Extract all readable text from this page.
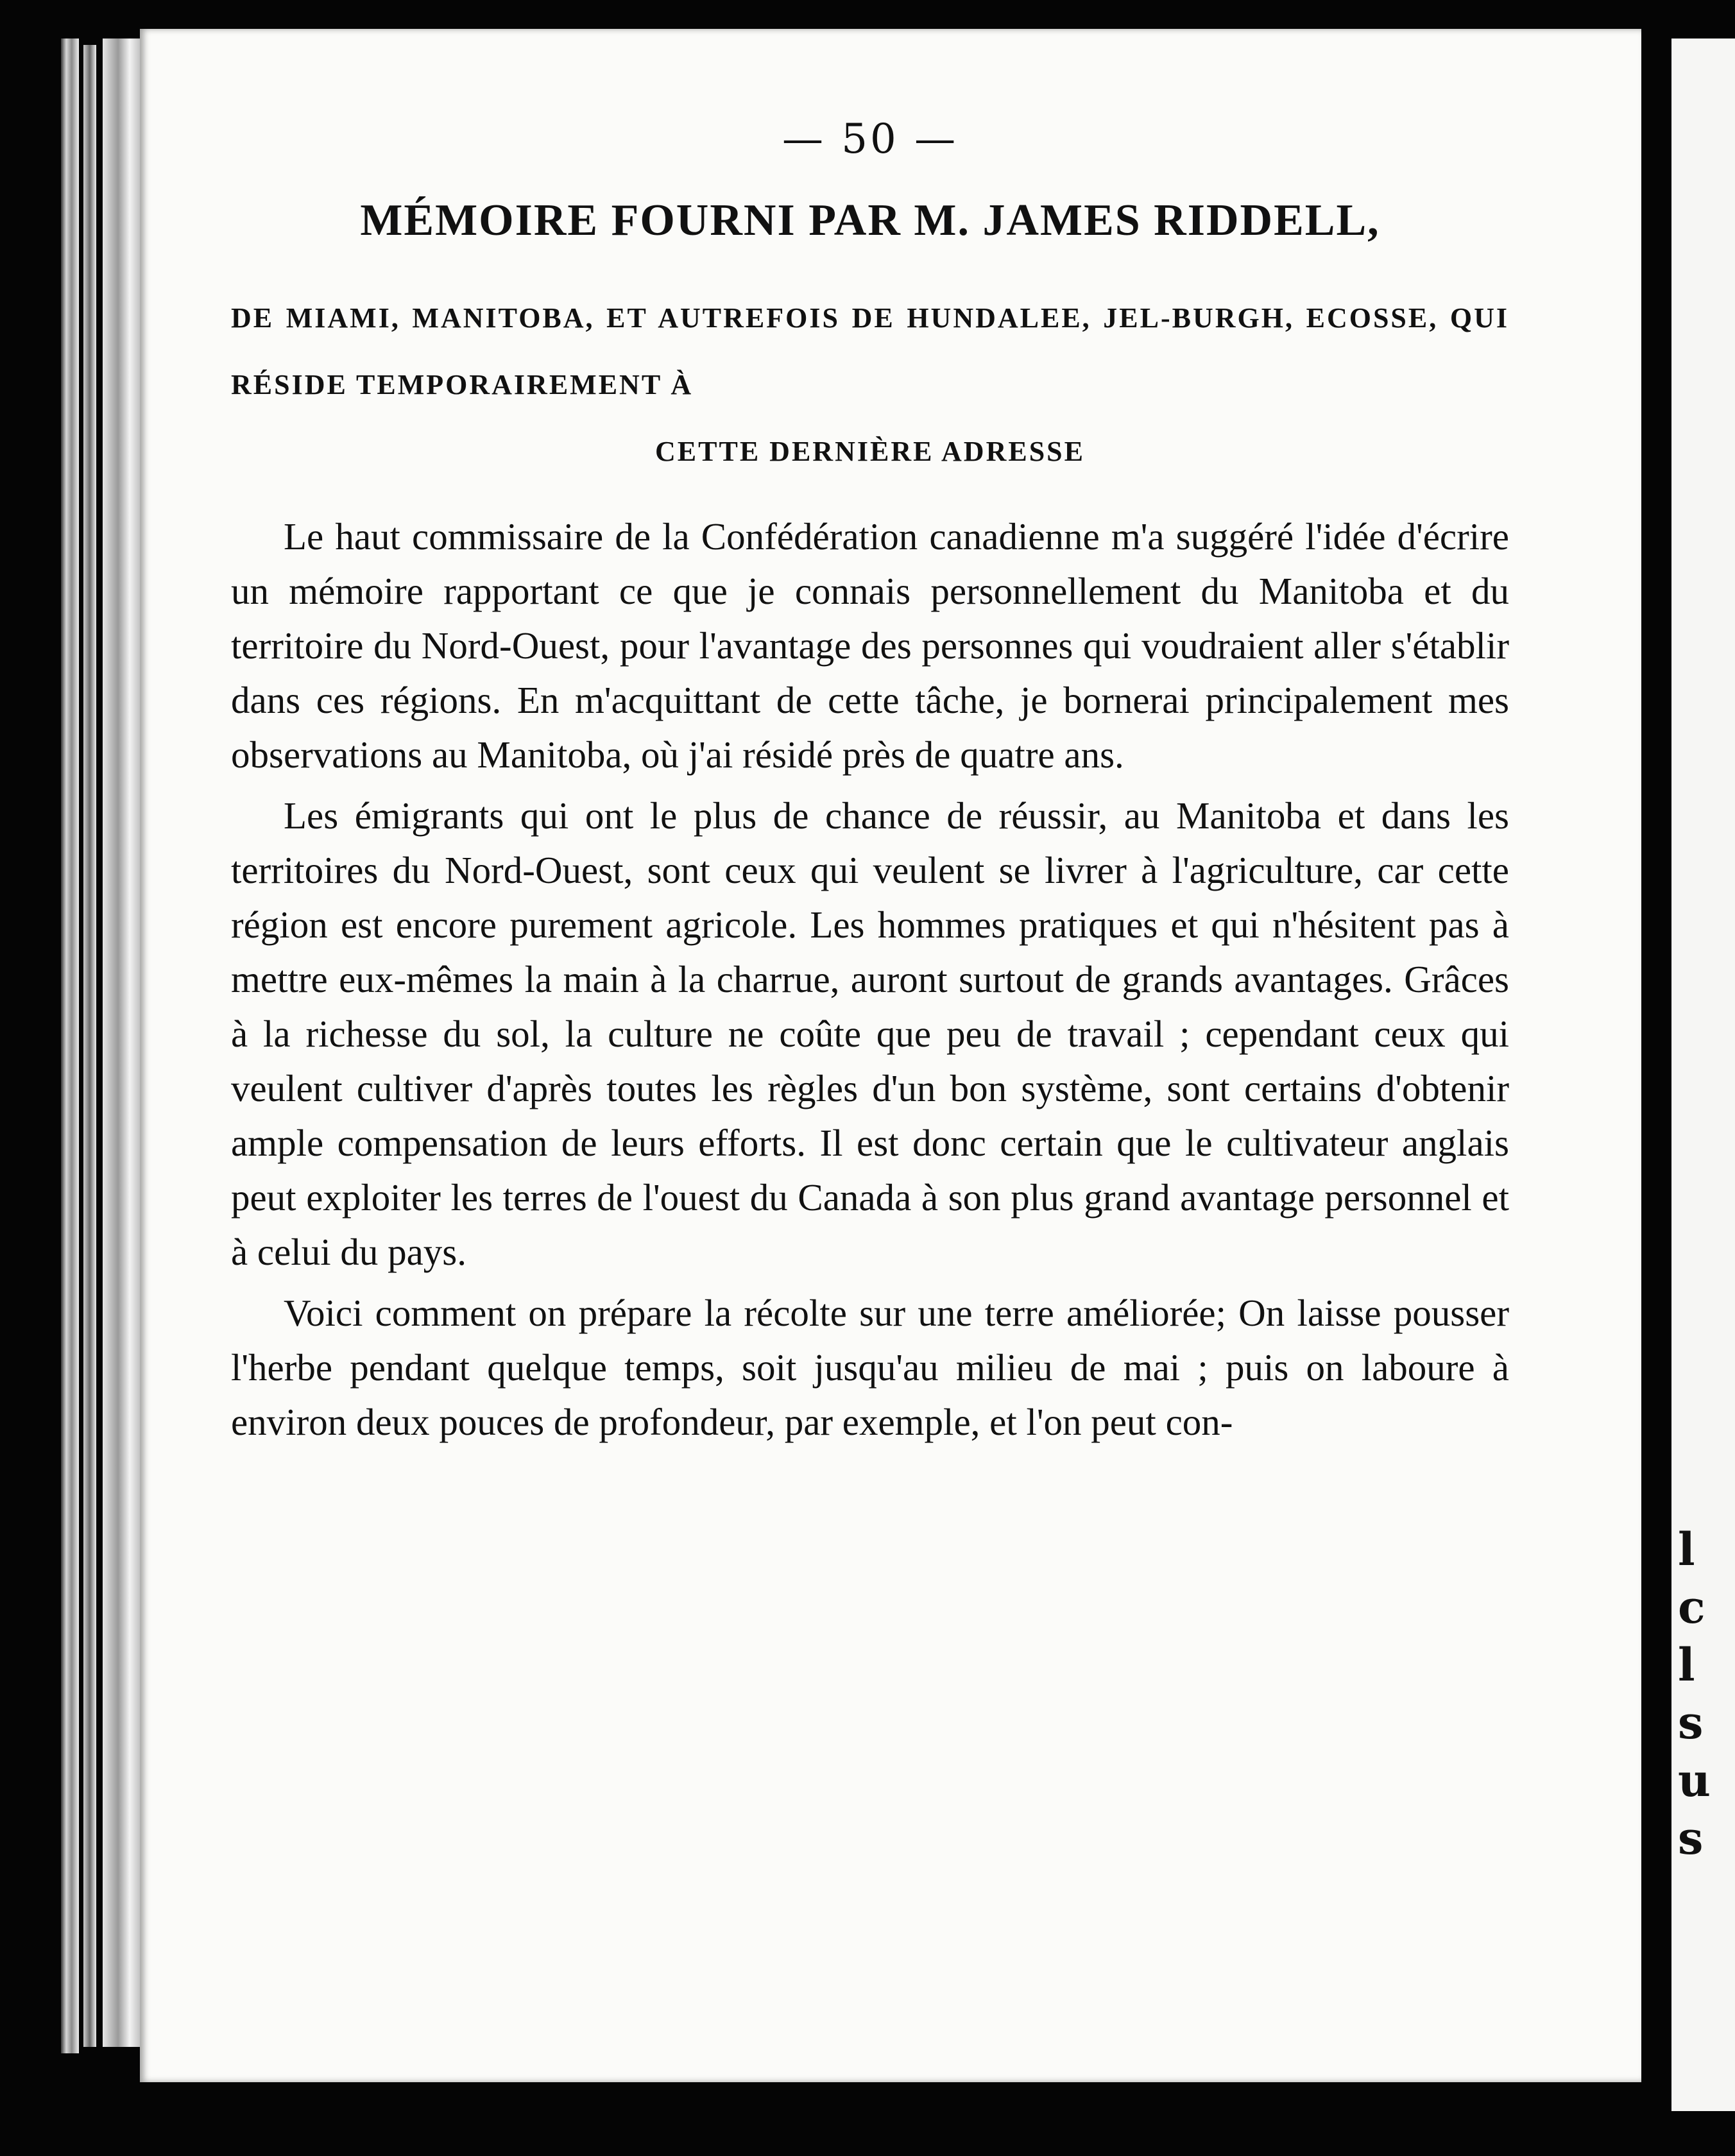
l
c
l
s
u
s
— 50 —
MÉMOIRE FOURNI PAR M. JAMES RIDDELL,

DE MIAMI, MANITOBA, ET AUTREFOIS DE HUNDALEE, JEL-BURGH, ECOSSE, QUI RÉSIDE TEMPORAIREMENT À
CETTE DERNIÈRE ADRESSE

Le haut commissaire de la Confédération canadienne m'a suggéré l'idée d'écrire un mémoire rapportant ce que je connais personnellement du Manitoba et du territoire du Nord-Ouest, pour l'avantage des personnes qui voudraient aller s'établir dans ces régions. En m'acquittant de cette tâche, je bornerai principalement mes observations au Manitoba, où j'ai résidé près de quatre ans.

Les émigrants qui ont le plus de chance de réussir, au Manitoba et dans les territoires du Nord-Ouest, sont ceux qui veulent se livrer à l'agriculture, car cette région est encore purement agricole. Les hommes pratiques et qui n'hésitent pas à mettre eux-mêmes la main à la charrue, auront surtout de grands avantages. Grâces à la richesse du sol, la culture ne coûte que peu de travail ; cependant ceux qui veulent cultiver d'après toutes les règles d'un bon système, sont certains d'obtenir ample compensation de leurs efforts. Il est donc certain que le cultivateur anglais peut exploiter les terres de l'ouest du Canada à son plus grand avantage personnel et à celui du pays.

Voici comment on prépare la récolte sur une terre améliorée; On laisse pousser l'herbe pendant quelque temps, soit jusqu'au milieu de mai ; puis on laboure à environ deux pouces de profondeur, par exemple, et l'on peut con-
